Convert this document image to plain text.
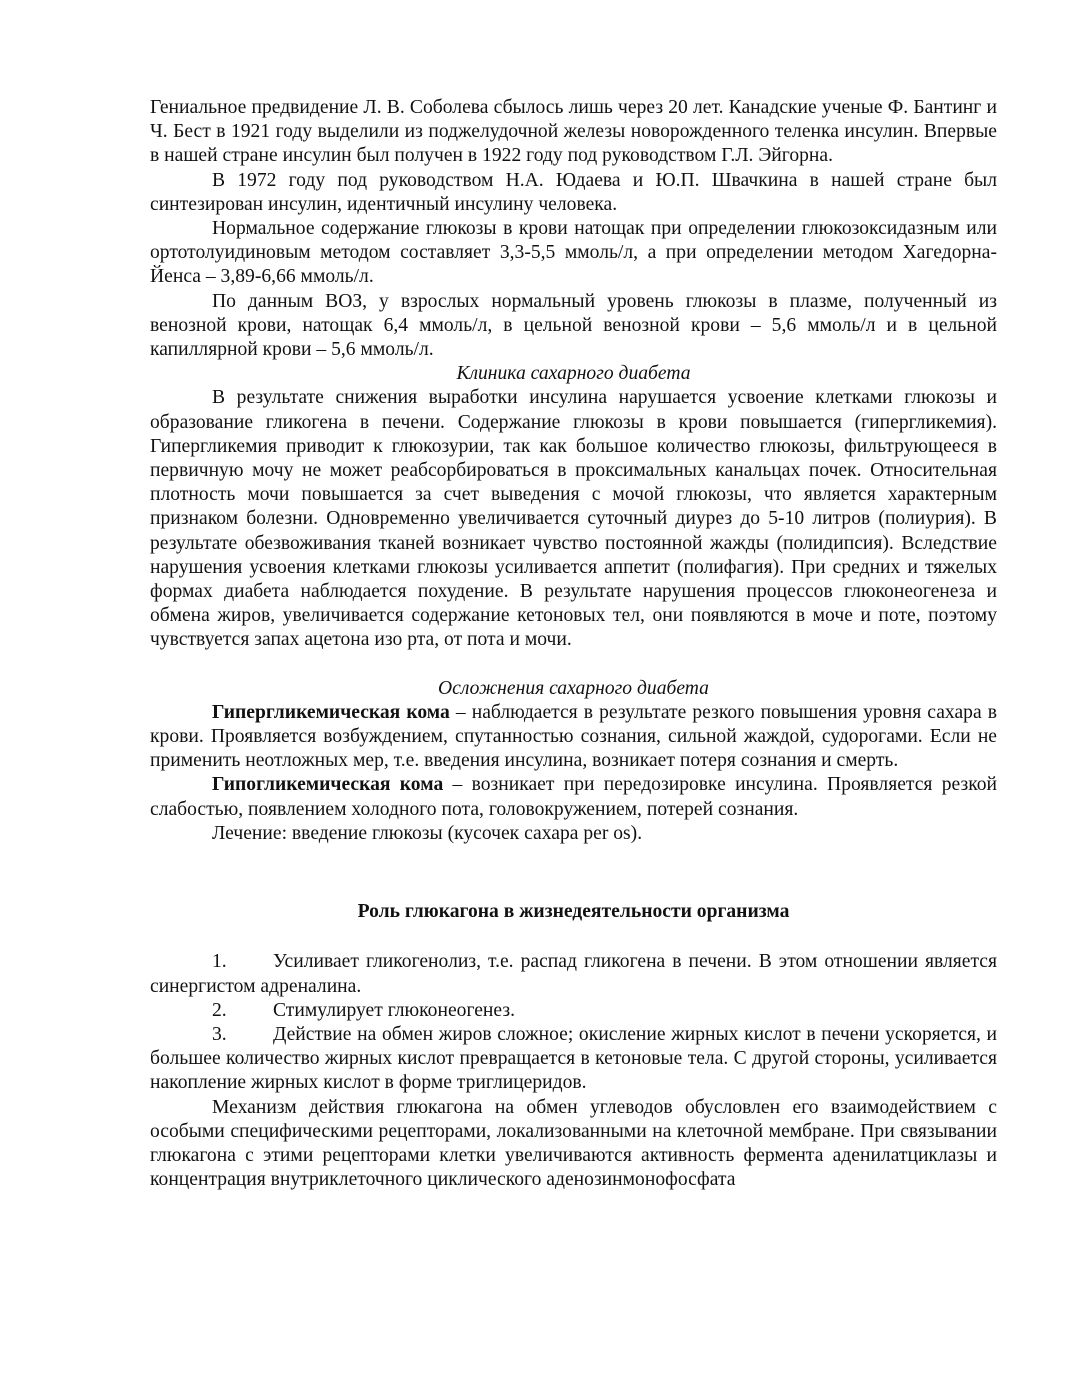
Гениальное предвидение Л. В. Соболева сбылось лишь через 20 лет. Канадские ученые Ф. Бантинг и Ч. Бест в 1921 году выделили из поджелудочной железы новорожденного теленка инсулин. Впервые в нашей стране инсулин был получен в 1922 году под руководством Г.Л. Эйгорна.

В 1972 году под руководством Н.А. Юдаева и Ю.П. Швачкина в нашей стране был синтезирован инсулин, идентичный инсулину человека.

Нормальное содержание глюкозы в крови натощак при определении глюкозоксидазным или ортотолуидиновым методом составляет 3,3-5,5 ммоль/л, а при определении методом Хагедорна-Йенса – 3,89-6,66 ммоль/л.

По данным ВОЗ, у взрослых нормальный уровень глюкозы в плазме, полученный из венозной крови, натощак 6,4 ммоль/л, в цельной венозной крови – 5,6 ммоль/л и в цельной капиллярной крови – 5,6 ммоль/л.

Клиника сахарного диабета

В результате снижения выработки инсулина нарушается усвоение клетками глюкозы и образование гликогена в печени. Содержание глюкозы в крови повышается (гипергликемия). Гипергликемия приводит к глюкозурии, так как большое количество глюкозы, фильтрующееся в первичную мочу не может реабсорбироваться в проксимальных канальцах почек. Относительная плотность мочи повышается за счет выведения с мочой глюкозы, что является характерным признаком болезни. Одновременно увеличивается суточный диурез до 5-10 литров (полиурия). В результате обезвоживания тканей возникает чувство постоянной жажды (полидипсия). Вследствие нарушения усвоения клетками глюкозы усиливается аппетит (полифагия). При средних и тяжелых формах диабета наблюдается похудение. В результате нарушения процессов глюконеогенеза и обмена жиров, увеличивается содержание кетоновых тел, они появляются в моче и поте, поэтому чувствуется запах ацетона изо рта, от пота и мочи.

Осложнения сахарного диабета

Гипергликемическая кома – наблюдается в результате резкого повышения уровня сахара в крови. Проявляется возбуждением, спутанностью сознания, сильной жаждой, судорогами. Если не применить неотложных мер, т.е. введения инсулина, возникает потеря сознания и смерть.

Гипогликемическая кома – возникает при передозировке инсулина. Проявляется резкой слабостью, появлением холодного пота, головокружением, потерей сознания.

Лечение: введение глюкозы (кусочек сахара per os).

Роль глюкагона в жизнедеятельности организма

1. Усиливает гликогенолиз, т.е. распад гликогена в печени. В этом отношении является синергистом адреналина.

2. Стимулирует глюконеогенез.

3. Действие на обмен жиров сложное; окисление жирных кислот в печени ускоряется, и большее количество жирных кислот превращается в кетоновые тела. С другой стороны, усиливается накопление жирных кислот в форме триглицеридов.

Механизм действия глюкагона на обмен углеводов обусловлен его взаимодействием с особыми специфическими рецепторами, локализованными на клеточной мембране. При связывании глюкагона с этими рецепторами клетки увеличиваются активность фермента аденилатциклазы и концентрация внутриклеточного циклического аденозинмонофосфата
